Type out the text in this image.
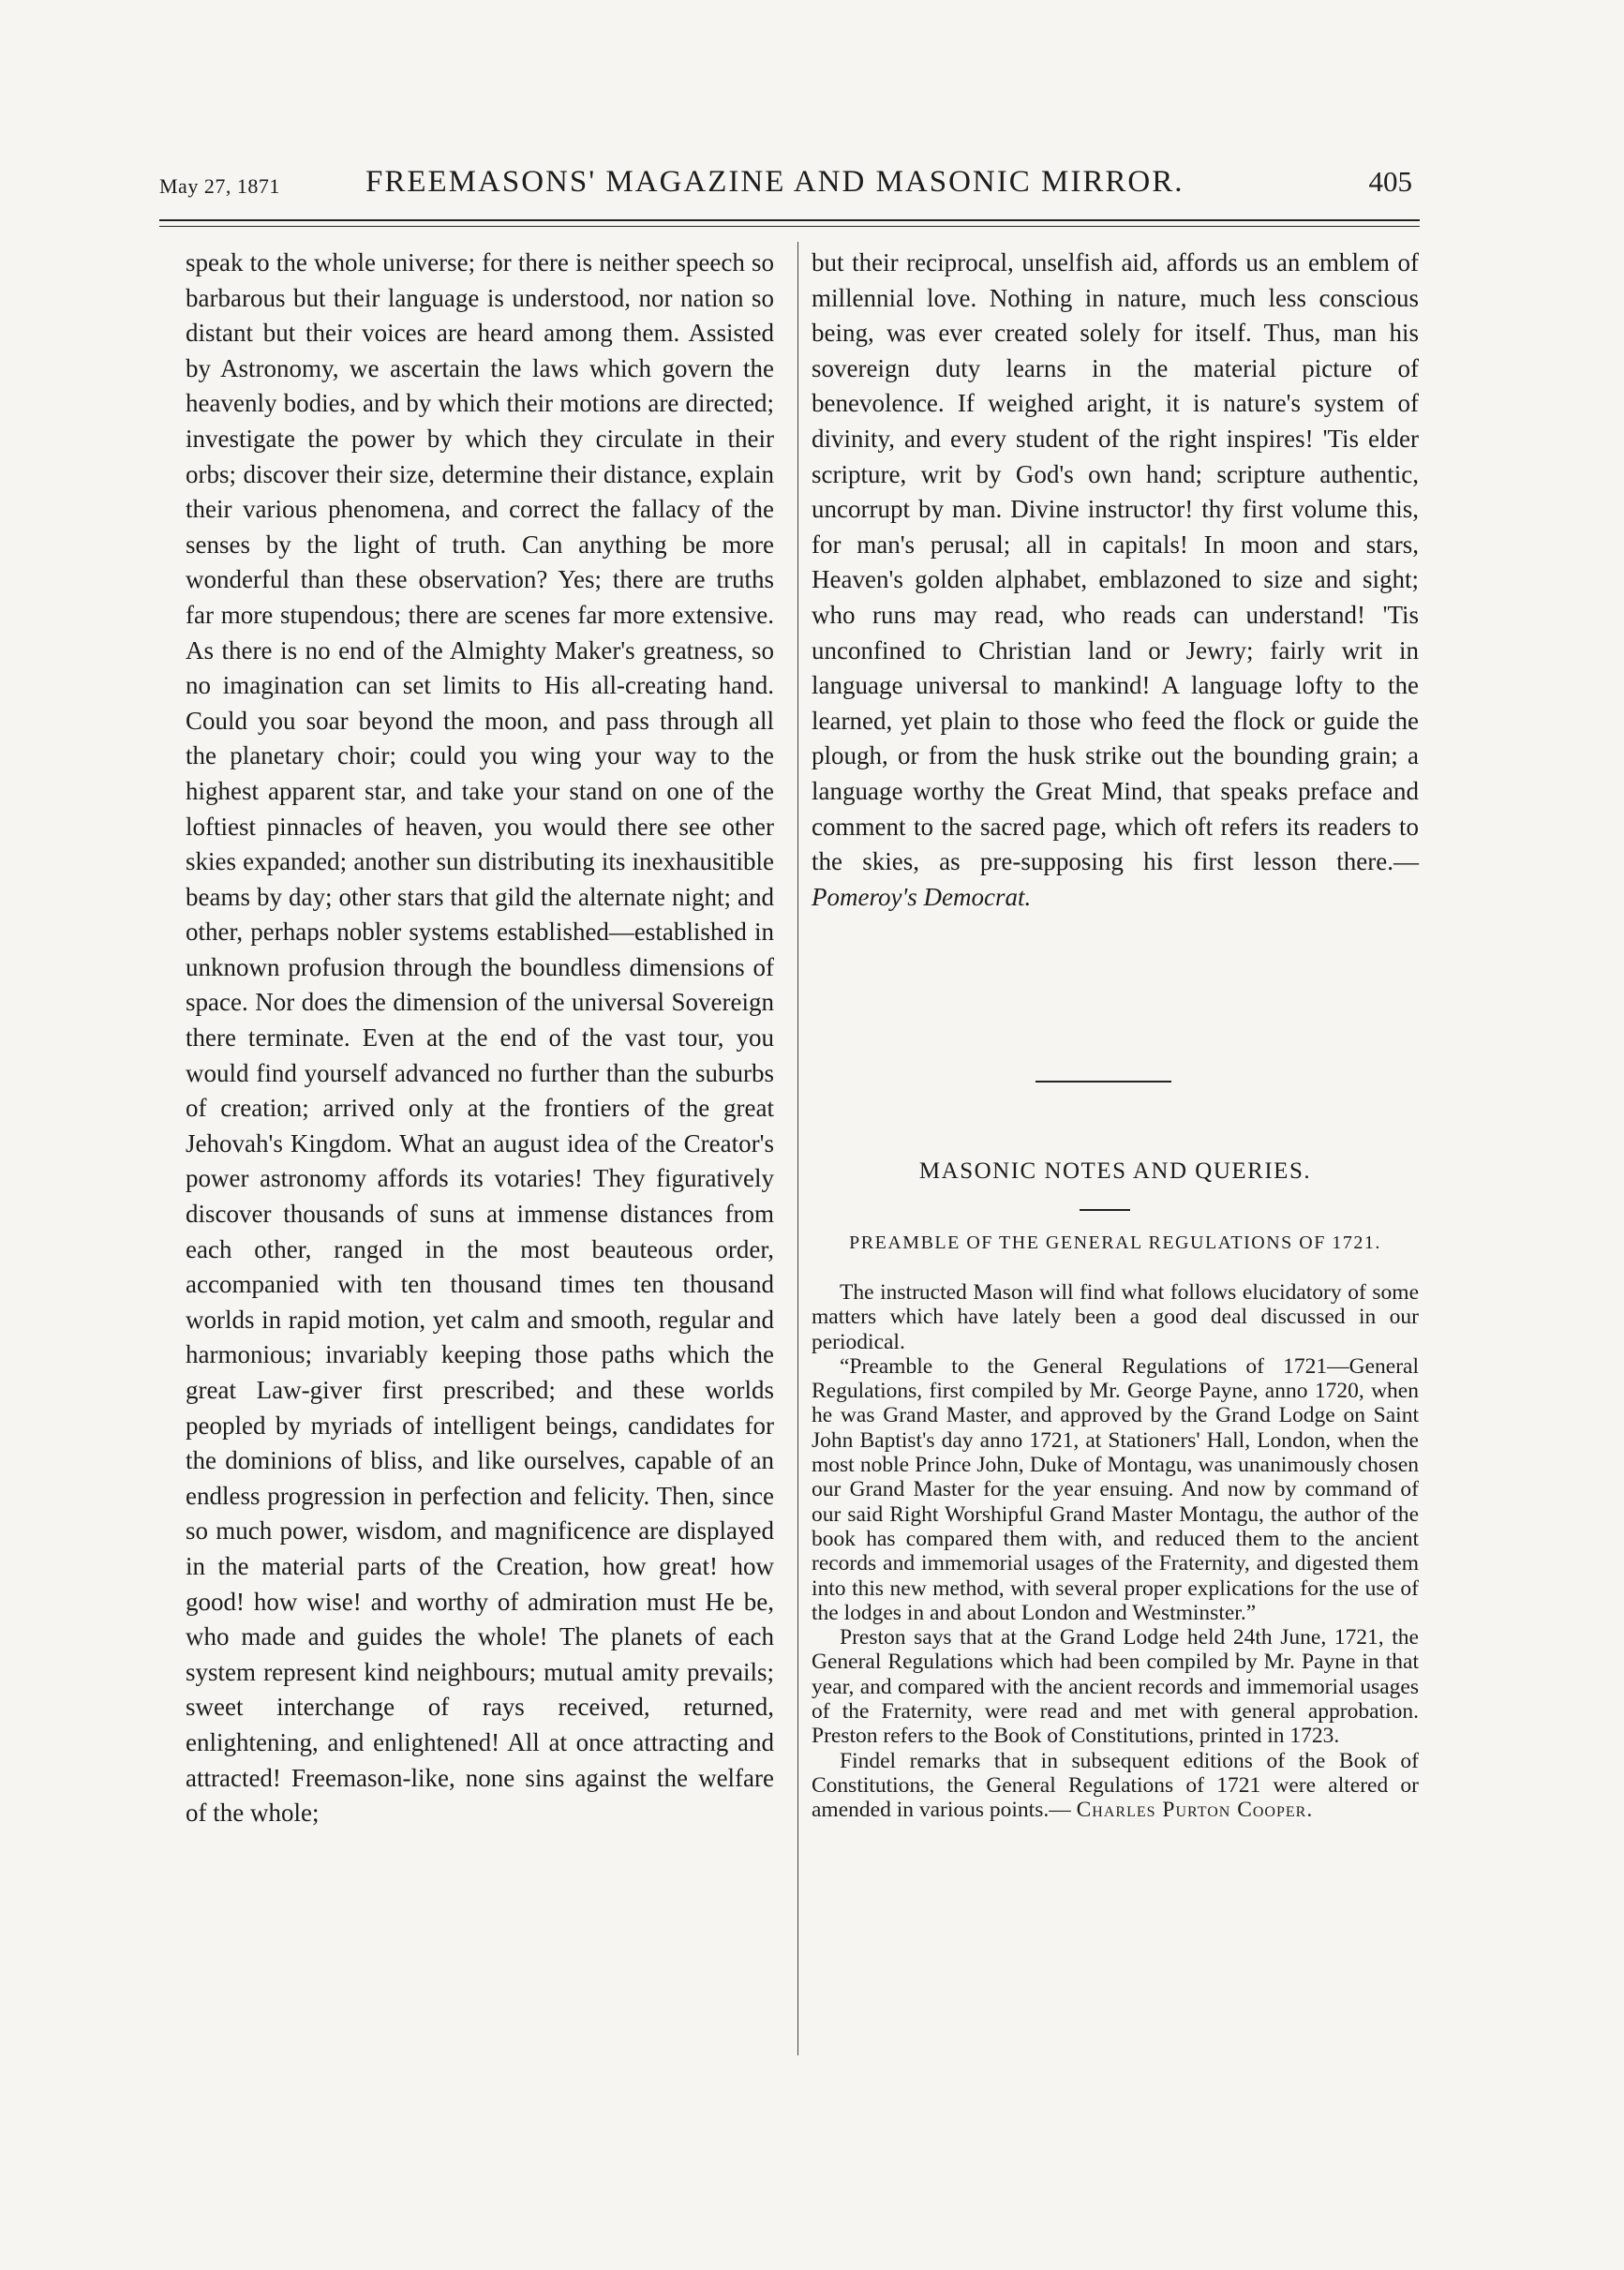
May 27, 1871	FREEMASONS' MAGAZINE AND MASONIC MIRROR.	405

speak to the whole universe; for there is neither speech so barbarous but their language is understood, nor nation so distant but their voices are heard among them. Assisted by Astronomy, we ascertain the laws which govern the heavenly bodies, and by which their motions are directed; investigate the power by which they circulate in their orbs; discover their size, determine their distance, explain their various phenomena, and correct the fallacy of the senses by the light of truth. Can anything be more wonderful than these observation? Yes; there are truths far more stupendous; there are scenes far more extensive. As there is no end of the Almighty Maker's greatness, so no imagination can set limits to His all-creating hand. Could you soar beyond the moon, and pass through all the planetary choir; could you wing your way to the highest apparent star, and take your stand on one of the loftiest pinnacles of heaven, you would there see other skies expanded; another sun distributing its inexhausitible beams by day; other stars that gild the alternate night; and other, perhaps nobler systems established—established in unknown profusion through the boundless dimensions of space. Nor does the dimension of the universal Sovereign there terminate. Even at the end of the vast tour, you would find yourself advanced no further than the suburbs of creation; arrived only at the frontiers of the great Jehovah's Kingdom. What an august idea of the Creator's power astronomy affords its votaries! They figuratively discover thousands of suns at immense distances from each other, ranged in the most beauteous order, accompanied with ten thousand times ten thousand worlds in rapid motion, yet calm and smooth, regular and harmonious; invariably keeping those paths which the great Law-giver first prescribed; and these worlds peopled by myriads of intelligent beings, candidates for the dominions of bliss, and like ourselves, capable of an endless progression in perfection and felicity. Then, since so much power, wisdom, and magnificence are displayed in the material parts of the Creation, how great! how good! how wise! and worthy of admiration must He be, who made and guides the whole! The planets of each system represent kind neighbours; mutual amity prevails; sweet interchange of rays received, returned, enlightening, and enlightened! All at once attracting and attracted! Freemason-like, none sins against the welfare of the whole;

but their reciprocal, unselfish aid, affords us an emblem of millennial love. Nothing in nature, much less conscious being, was ever created solely for itself. Thus, man his sovereign duty learns in the material picture of benevolence. If weighed aright, it is nature's system of divinity, and every student of the right inspires! 'Tis elder scripture, writ by God's own hand; scripture authentic, uncorrupt by man. Divine instructor! thy first volume this, for man's perusal; all in capitals! In moon and stars, Heaven's golden alphabet, emblazoned to size and sight; who runs may read, who reads can understand! 'Tis unconfined to Christian land or Jewry; fairly writ in language universal to mankind! A language lofty to the learned, yet plain to those who feed the flock or guide the plough, or from the husk strike out the bounding grain; a language worthy the Great Mind, that speaks preface and comment to the sacred page, which oft refers its readers to the skies, as pre-supposing his first lesson there.— Pomeroy's Democrat.

MASONIC NOTES AND QUERIES.
PREAMBLE OF THE GENERAL REGULATIONS OF 1721.

The instructed Mason will find what follows elucidatory of some matters which have lately been a good deal discussed in our periodical.

“Preamble to the General Regulations of 1721—General Regulations, first compiled by Mr. George Payne, anno 1720, when he was Grand Master, and approved by the Grand Lodge on Saint John Baptist's day anno 1721, at Stationers' Hall, London, when the most noble Prince John, Duke of Montagu, was unanimously chosen our Grand Master for the year ensuing. And now by command of our said Right Worshipful Grand Master Montagu, the author of the book has compared them with, and reduced them to the ancient records and immemorial usages of the Fraternity, and digested them into this new method, with several proper explications for the use of the lodges in and about London and Westminster.”

Preston says that at the Grand Lodge held 24th June, 1721, the General Regulations which had been compiled by Mr. Payne in that year, and compared with the ancient records and immemorial usages of the Fraternity, were read and met with general approbation. Preston refers to the Book of Constitutions, printed in 1723.

Findel remarks that in subsequent editions of the Book of Constitutions, the General Regulations of 1721 were altered or amended in various points.— Charles Purton Cooper.
